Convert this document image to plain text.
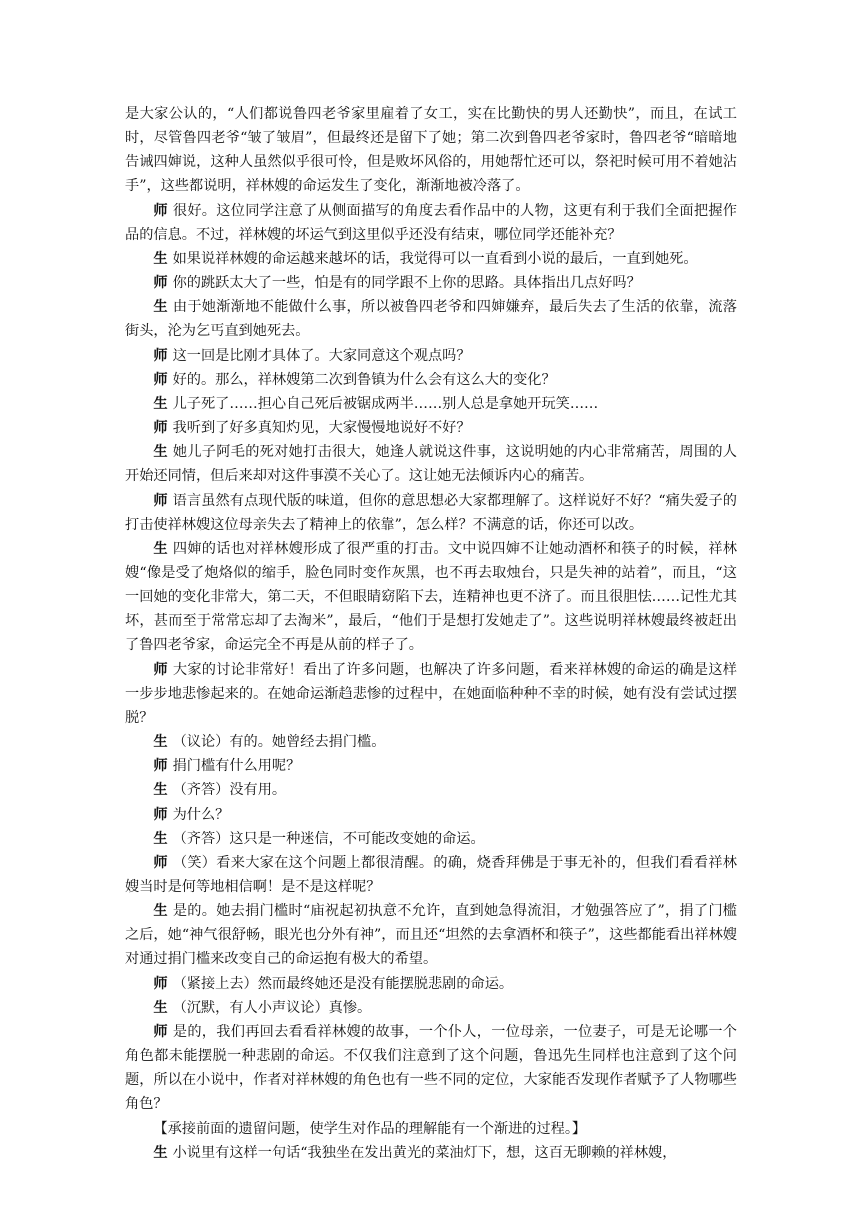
是大家公认的，“人们都说鲁四老爷家里雇着了女工，实在比勤快的男人还勤快”，而且，在试工时，尽管鲁四老爷“皱了皱眉”，但最终还是留下了她；第二次到鲁四老爷家时，鲁四老爷“暗暗地告诫四婶说，这种人虽然似乎很可怜，但是败坏风俗的，用她帮忙还可以，祭祀时候可用不着她沾手”，这些都说明，祥林嫂的命运发生了变化，渐渐地被冷落了。

师 很好。这位同学注意了从侧面描写的角度去看作品中的人物，这更有利于我们全面把握作品的信息。不过，祥林嫂的坏运气到这里似乎还没有结束，哪位同学还能补充？

生 如果说祥林嫂的命运越来越坏的话，我觉得可以一直看到小说的最后，一直到她死。

师 你的跳跃太大了一些，怕是有的同学跟不上你的思路。具体指出几点好吗？

生 由于她渐渐地不能做什么事，所以被鲁四老爷和四婶嫌弃，最后失去了生活的依靠，流落街头，沦为乞丐直到她死去。

师 这一回是比刚才具体了。大家同意这个观点吗？

师 好的。那么，祥林嫂第二次到鲁镇为什么会有这么大的变化？

生 儿子死了……担心自己死后被锯成两半……别人总是拿她开玩笑……

师 我听到了好多真知灼见，大家慢慢地说好不好？

生 她儿子阿毛的死对她打击很大，她逢人就说这件事，这说明她的内心非常痛苦，周围的人开始还同情，但后来却对这件事漠不关心了。这让她无法倾诉内心的痛苦。

师 语言虽然有点现代版的味道，但你的意思想必大家都理解了。这样说好不好？“痛失爱子的打击使祥林嫂这位母亲失去了精神上的依靠”，怎么样？不满意的话，你还可以改。

生 四婶的话也对祥林嫂形成了很严重的打击。文中说四婶不让她动酒杯和筷子的时候，祥林嫂“像是受了炮烙似的缩手，脸色同时变作灰黑，也不再去取烛台，只是失神的站着”，而且，“这一回她的变化非常大，第二天，不但眼睛窈陷下去，连精神也更不济了。而且很胆怯……记性尤其坏，甚而至于常常忘却了去淘米”，最后，“他们于是想打发她走了”。这些说明祥林嫂最终被赶出了鲁四老爷家，命运完全不再是从前的样子了。

师 大家的讨论非常好！看出了许多问题，也解决了许多问题，看来祥林嫂的命运的确是这样一步步地悲惨起来的。在她命运渐趋悲惨的过程中，在她面临种种不幸的时候，她有没有尝试过摆脱？

生 （议论）有的。她曾经去捐门槛。

师 捐门槛有什么用呢？

生 （齐答）没有用。

师 为什么？

生 （齐答）这只是一种迷信，不可能改变她的命运。

师 （笑）看来大家在这个问题上都很清醒。的确，烧香拜佛是于事无补的，但我们看看祥林嫂当时是何等地相信啊！是不是这样呢？

生 是的。她去捐门槛时“庙祝起初执意不允许，直到她急得流泪，才勉强答应了”，捐了门槛之后，她“神气很舒畅，眼光也分外有神”，而且还“坦然的去拿酒杯和筷子”，这些都能看出祥林嫂对通过捐门槛来改变自己的命运抱有极大的希望。

师 （紧接上去）然而最终她还是没有能摆脱悲剧的命运。

生 （沉默，有人小声议论）真惨。

师 是的，我们再回去看看祥林嫂的故事，一个仆人，一位母亲，一位妻子，可是无论哪一个角色都未能摆脱一种悲剧的命运。不仅我们注意到了这个问题，鲁迅先生同样也注意到了这个问题，所以在小说中，作者对祥林嫂的角色也有一些不同的定位，大家能否发现作者赋予了人物哪些角色？

【承接前面的遗留问题，使学生对作品的理解能有一个渐进的过程。】

生 小说里有这样一句话“我独坐在发出黄光的菜油灯下，想，这百无聊赖的祥林嫂，
